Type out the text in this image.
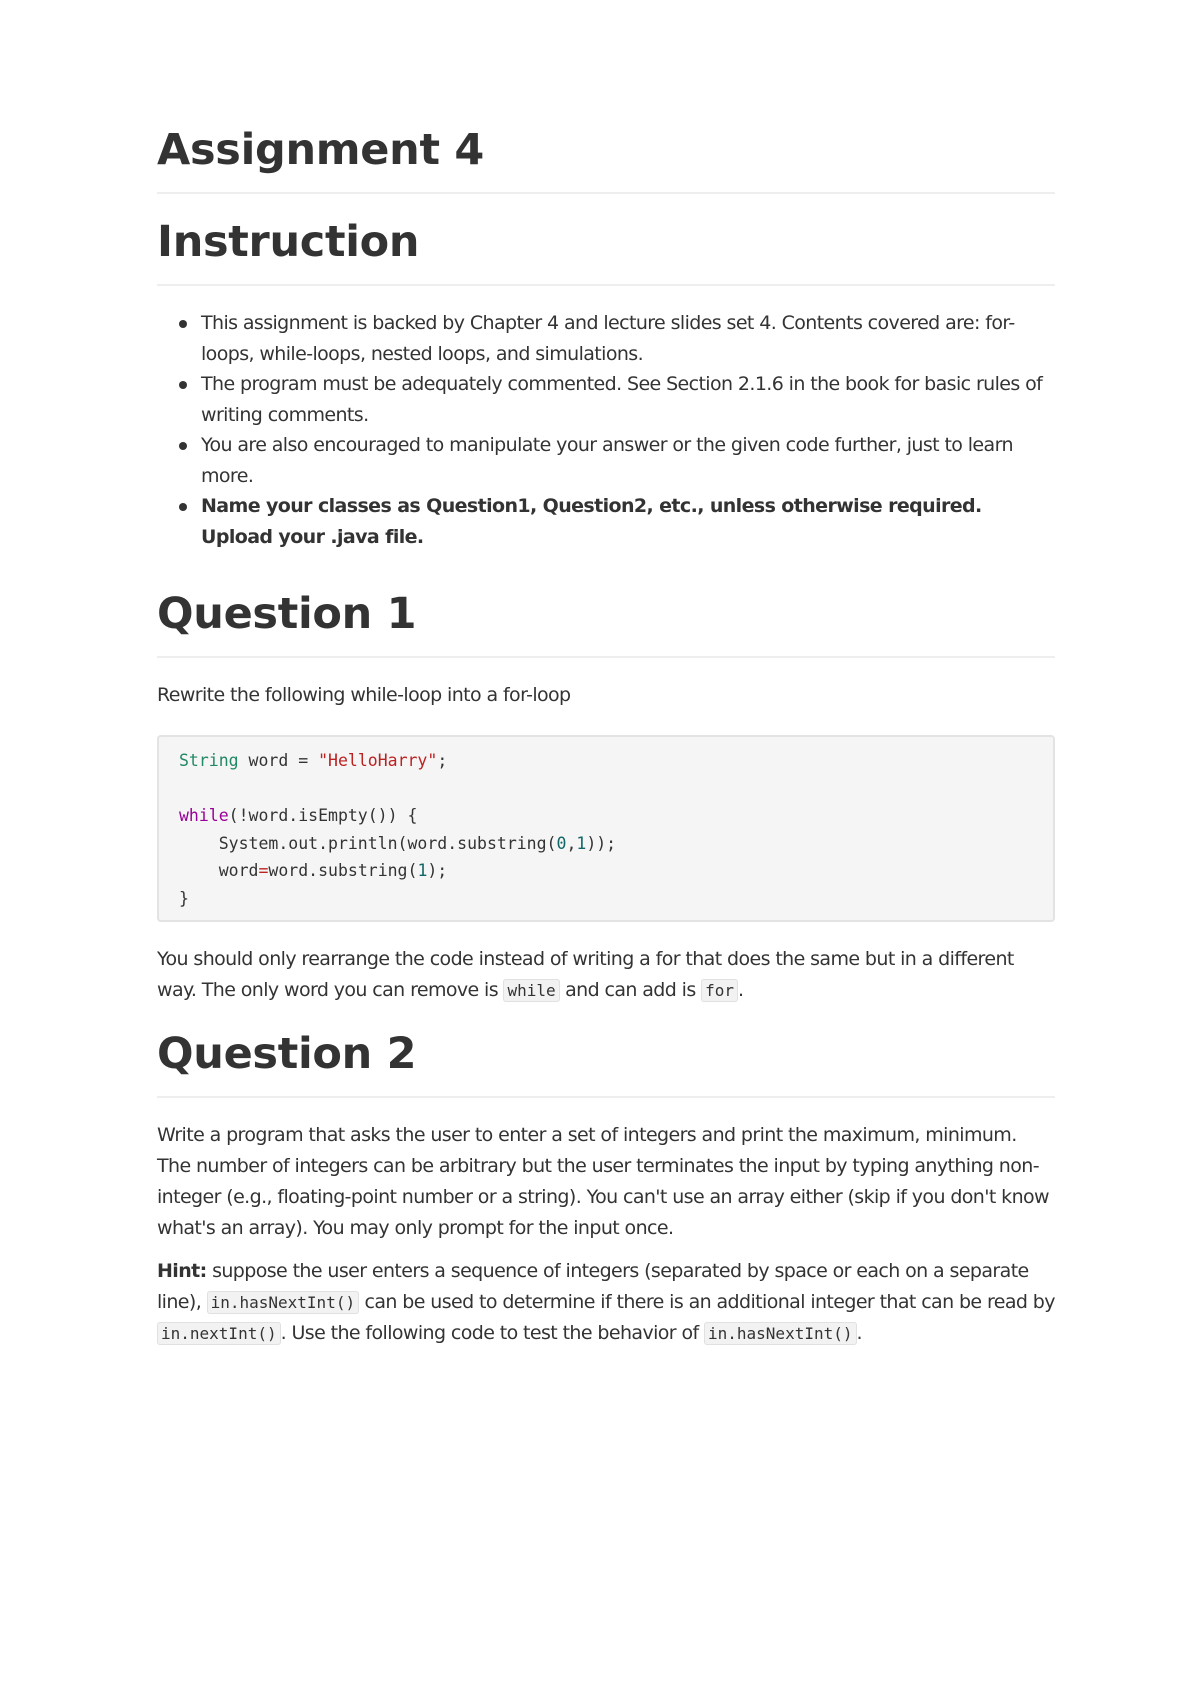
Assignment 4
Instruction
This assignment is backed by Chapter 4 and lecture slides set 4. Contents covered are: for-loops, while-loops, nested loops, and simulations.
The program must be adequately commented. See Section 2.1.6 in the book for basic rules of writing comments.
You are also encouraged to manipulate your answer or the given code further, just to learn more.
Name your classes as Question1, Question2, etc., unless otherwise required. Upload your .java file.
Question 1

Rewrite the following while-loop into a for-loop

String word = "HelloHarry";
while(!word.isEmpty()) {
System.out.println(word.substring(0,1));
word=word.substring(1);
}

You should only rearrange the code instead of writing a for that does the same but in a different way. The only word you can remove is while and can add is for .

Question 2

Write a program that asks the user to enter a set of integers and print the maximum, minimum. The number of integers can be arbitrary but the user terminates the input by typing anything non-integer (e.g., floating-point number or a string). You can't use an array either (skip if you don't know what's an array). You may only prompt for the input once.

Hint: suppose the user enters a sequence of integers (separated by space or each on a separate line), in.hasNextInt() can be used to determine if there is an additional integer that can be read by in.nextInt() . Use the following code to test the behavior of in.hasNextInt() .
